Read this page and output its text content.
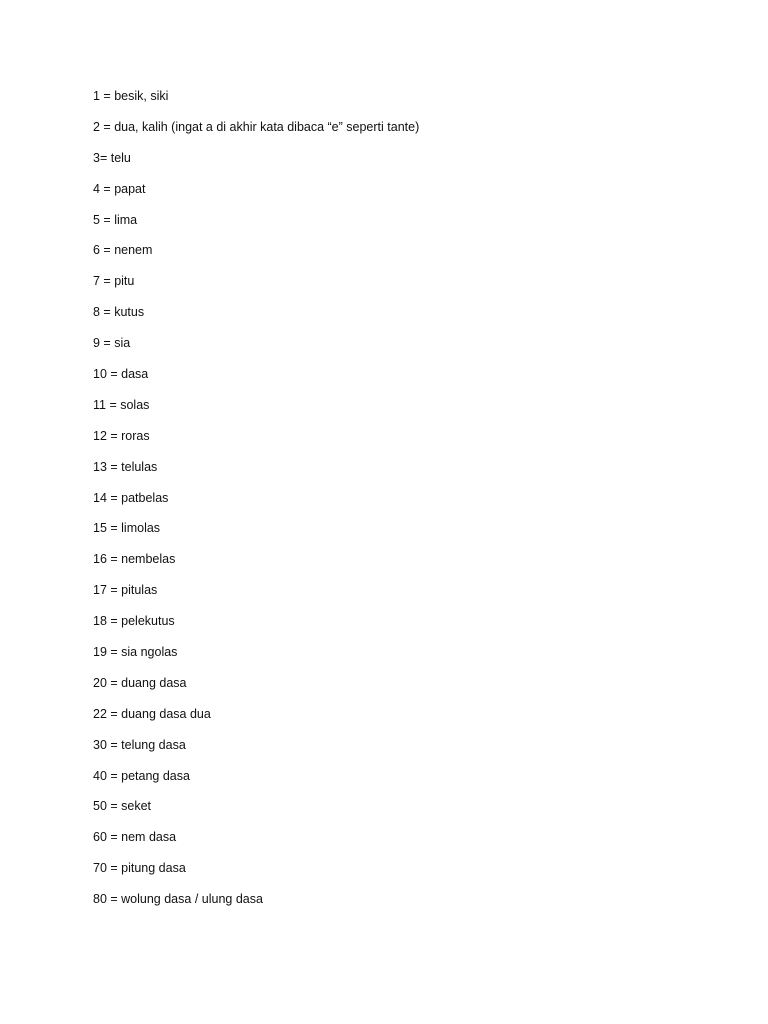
1 = besik, siki
2 = dua, kalih (ingat a di akhir kata dibaca “e” seperti tante)
3= telu
4 = papat
5 = lima
6 = nenem
7 = pitu
8 = kutus
9 = sia
10 = dasa
11 = solas
12 = roras
13 = telulas
14 = patbelas
15 = limolas
16 = nembelas
17 = pitulas
18 = pelekutus
19 = sia ngolas
20 = duang dasa
22 = duang dasa dua
30 = telung dasa
40 = petang dasa
50 = seket
60 = nem dasa
70 = pitung dasa
80 = wolung dasa / ulung dasa
